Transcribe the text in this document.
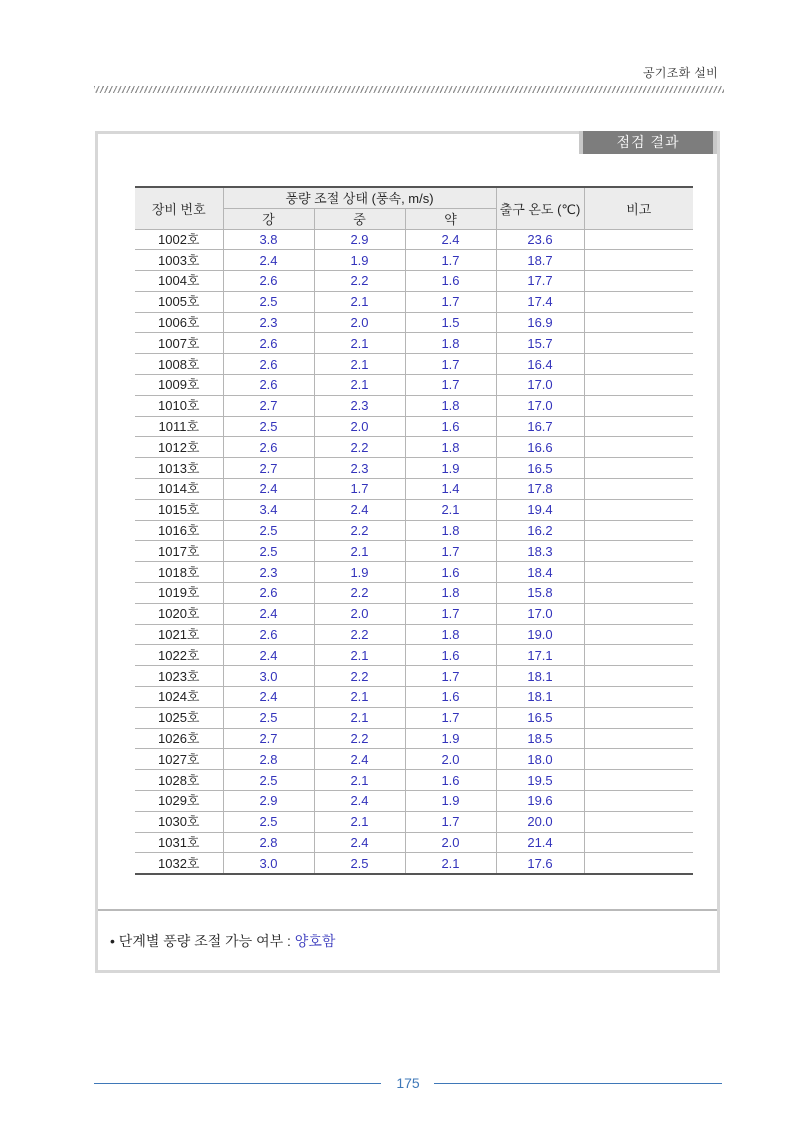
공기조화 설비
점검 결과
장비 번호	풍량 조절 상태 (풍속, m/s)			출구 온도 (℃)	비고
	강	중	약		
1002호	3.8	2.9	2.4	23.6	
1003호	2.4	1.9	1.7	18.7	
1004호	2.6	2.2	1.6	17.7	
1005호	2.5	2.1	1.7	17.4	
1006호	2.3	2.0	1.5	16.9	
1007호	2.6	2.1	1.8	15.7	
1008호	2.6	2.1	1.7	16.4	
1009호	2.6	2.1	1.7	17.0	
1010호	2.7	2.3	1.8	17.0	
1011호	2.5	2.0	1.6	16.7	
1012호	2.6	2.2	1.8	16.6	
1013호	2.7	2.3	1.9	16.5	
1014호	2.4	1.7	1.4	17.8	
1015호	3.4	2.4	2.1	19.4	
1016호	2.5	2.2	1.8	16.2	
1017호	2.5	2.1	1.7	18.3	
1018호	2.3	1.9	1.6	18.4	
1019호	2.6	2.2	1.8	15.8	
1020호	2.4	2.0	1.7	17.0	
1021호	2.6	2.2	1.8	19.0	
1022호	2.4	2.1	1.6	17.1	
1023호	3.0	2.2	1.7	18.1	
1024호	2.4	2.1	1.6	18.1	
1025호	2.5	2.1	1.7	16.5	
1026호	2.7	2.2	1.9	18.5	
1027호	2.8	2.4	2.0	18.0	
1028호	2.5	2.1	1.6	19.5	
1029호	2.9	2.4	1.9	19.6	
1030호	2.5	2.1	1.7	20.0	
1031호	2.8	2.4	2.0	21.4	
1032호	3.0	2.5	2.1	17.6	
• 단계별 풍량 조절 가능 여부 : 양호함
175
